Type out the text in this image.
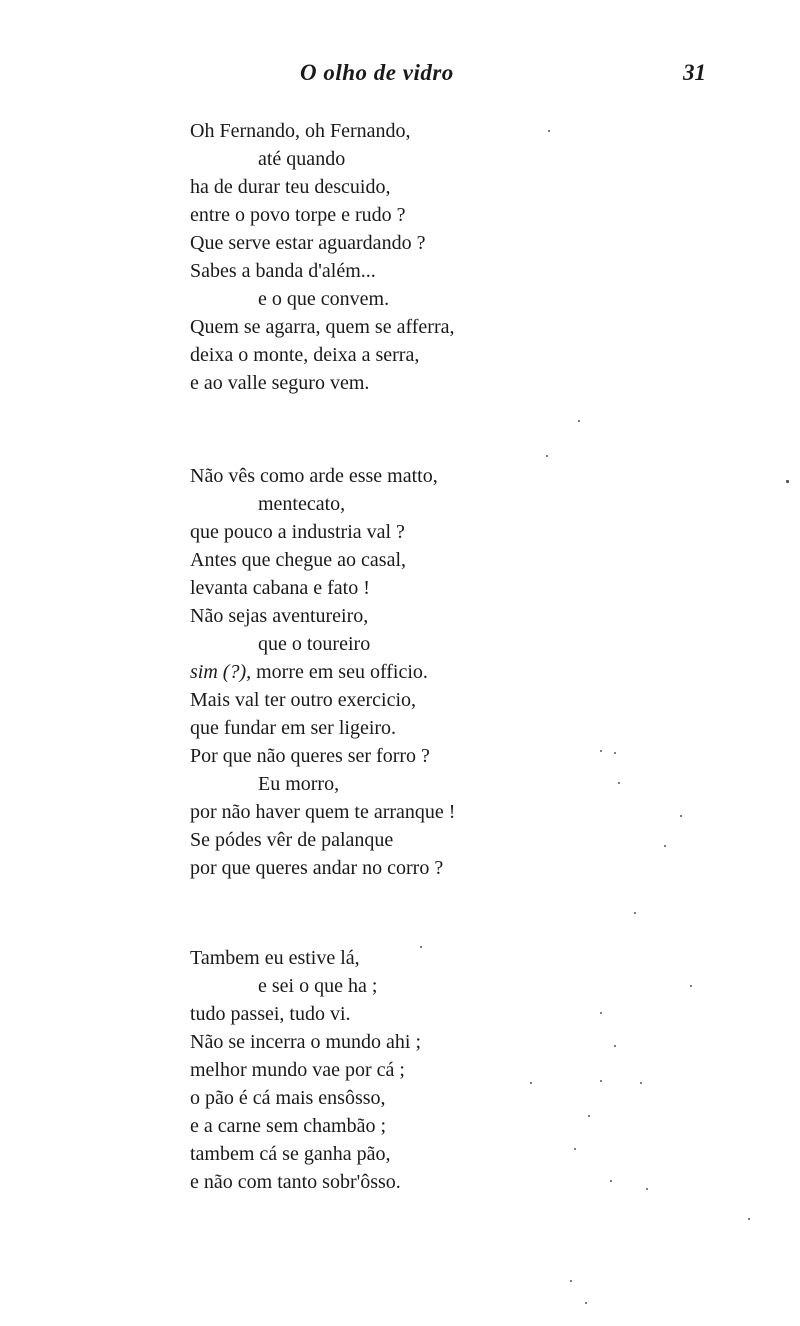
O olho de vidro	31
Oh Fernando, oh Fernando,
até quando
ha de durar teu descuido,
entre o povo torpe e rudo ?
Que serve estar aguardando ?
Sabes a banda d'além...
e o que convem.
Quem se agarra, quem se afferra,
deixa o monte, deixa a serra,
e ao valle seguro vem.
Não vês como arde esse matto,
mentecato,
que pouco a industria val ?
Antes que chegue ao casal,
levanta cabana e fato !
Não sejas aventureiro,
que o toureiro
sim (?), morre em seu officio.
Mais val ter outro exercicio,
que fundar em ser ligeiro.
Por que não queres ser forro ?
Eu morro,
por não haver quem te arranque !
Se pódes vêr de palanque
por que queres andar no corro ?
Tambem eu estive lá,
e sei o que ha ;
tudo passei, tudo vi.
Não se incerra o mundo ahi ;
melhor mundo vae por cá ;
o pão é cá mais ensôsso,
e a carne sem chambão ;
tambem cá se ganha pão,
e não com tanto sobr'ôsso.
